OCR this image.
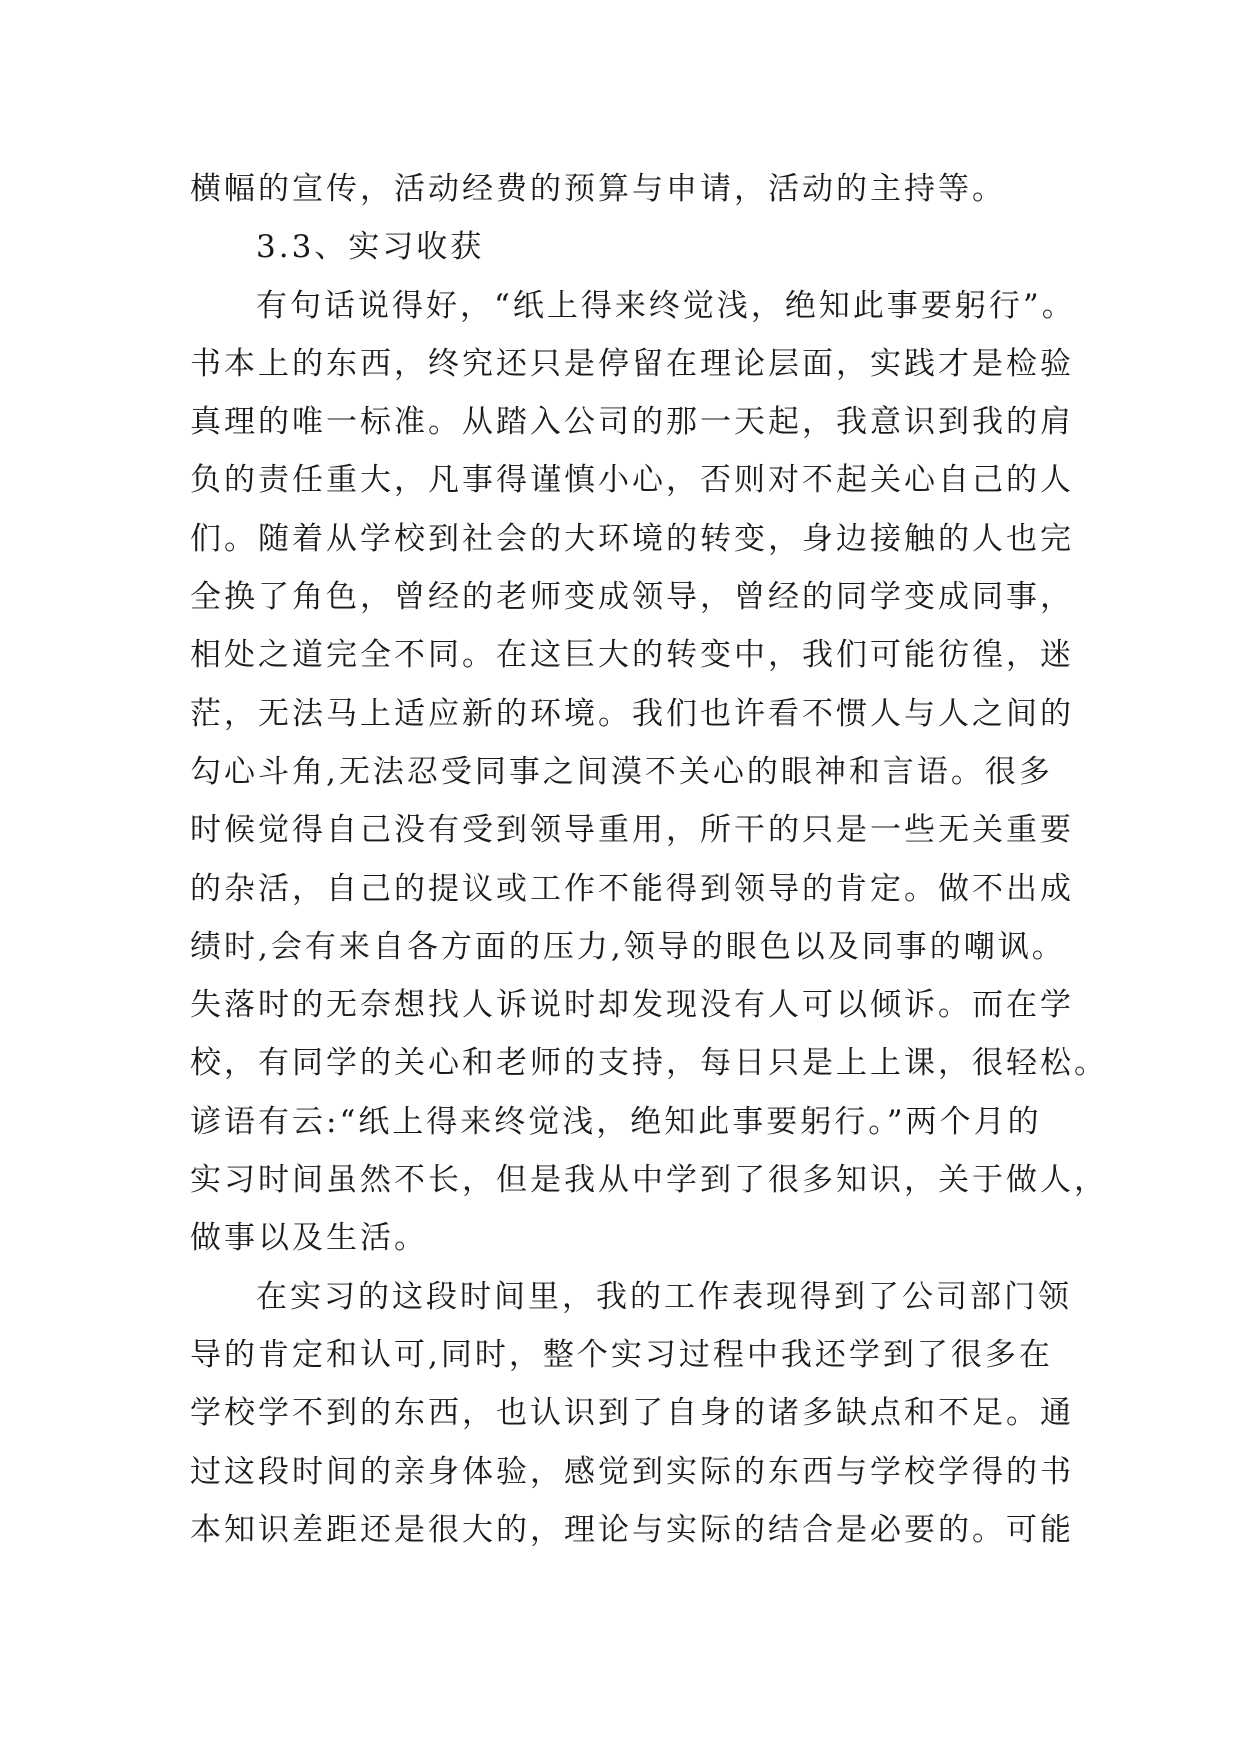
横幅的宣传，活动经费的预算与申请，活动的主持等。
3.3、实习收获
有句话说得好，“纸上得来终觉浅，绝知此事要躬行”。
书本上的东西，终究还只是停留在理论层面，实践才是检验
真理的唯一标准。从踏入公司的那一天起，我意识到我的肩
负的责任重大，凡事得谨慎小心，否则对不起关心自己的人
们。随着从学校到社会的大环境的转变，身边接触的人也完
全换了角色，曾经的老师变成领导，曾经的同学变成同事，
相处之道完全不同。在这巨大的转变中，我们可能彷徨，迷
茫，无法马上适应新的环境。我们也许看不惯人与人之间的
勾心斗角,无法忍受同事之间漠不关心的眼神和言语。很多
时候觉得自己没有受到领导重用，所干的只是一些无关重要
的杂活，自己的提议或工作不能得到领导的肯定。做不出成
绩时,会有来自各方面的压力,领导的眼色以及同事的嘲讽。
失落时的无奈想找人诉说时却发现没有人可以倾诉。而在学
校，有同学的关心和老师的支持，每日只是上上课，很轻松。
谚语有云:“纸上得来终觉浅，绝知此事要躬行。”两个月的
实习时间虽然不长，但是我从中学到了很多知识，关于做人，
做事以及生活。
在实习的这段时间里，我的工作表现得到了公司部门领
导的肯定和认可,同时，整个实习过程中我还学到了很多在
学校学不到的东西，也认识到了自身的诸多缺点和不足。通
过这段时间的亲身体验，感觉到实际的东西与学校学得的书
本知识差距还是很大的，理论与实际的结合是必要的。可能
